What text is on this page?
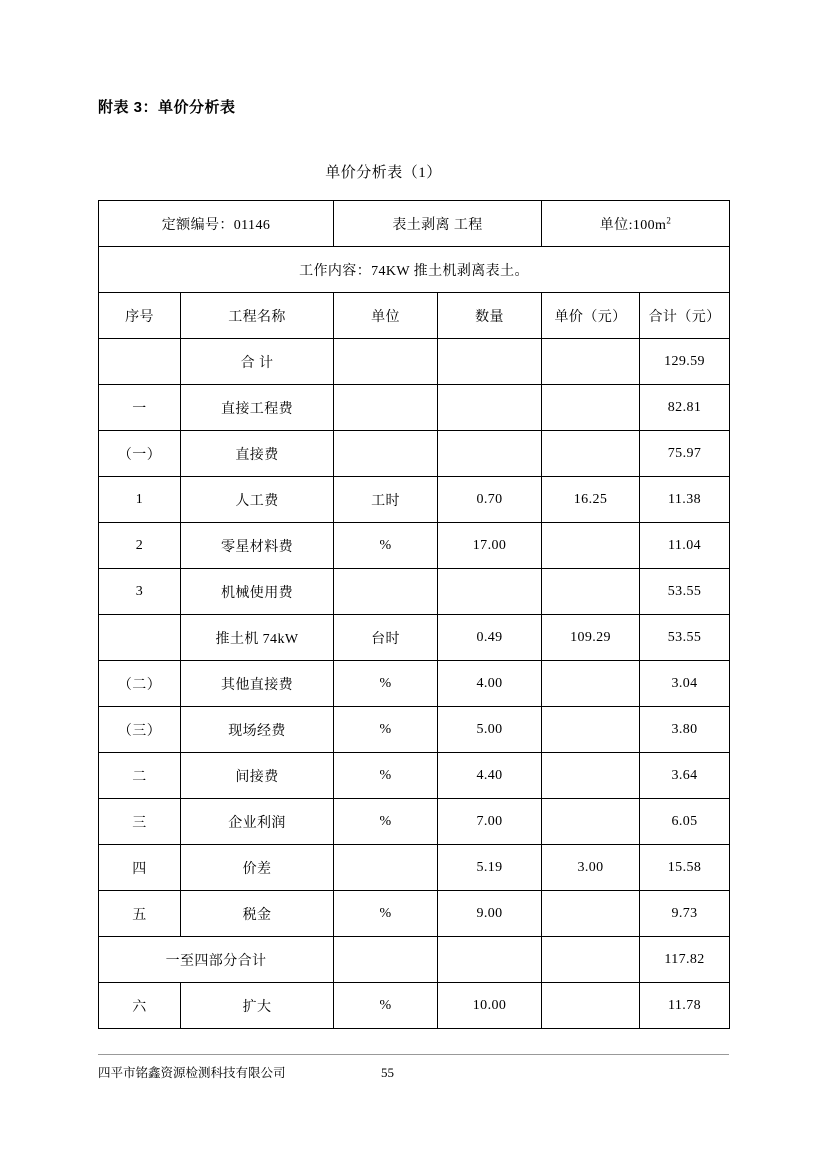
附表 3：单价分析表
单价分析表（1）
定额编号：01146		表土剥离 工程		单位$:100m^2$
工作内容：74KW 推土机剥离表土。					
序号	工程名称	单位	数量	单价（元）	合计（元）
	合 计				129.59
一	直接工程费				82.81
（一）	直接费				75.97
1	人工费	工时	0.70	16.25	11.38
2	零星材料费	%	17.00		11.04
3	机械使用费				53.55
	推土机 74kW	台时	0.49	109.29	53.55
（二）	其他直接费	%	4.00		3.04
（三）	现场经费	%	5.00		3.80
二	间接费	%	4.40		3.64
三	企业利润	%	7.00		6.05
四	价差		5.19	3.00	15.58
五	税金	%	9.00		9.73
一至四部分合计					117.82
六	扩大	%	10.00		11.78
四平市铭鑫资源检测科技有限公司	55
